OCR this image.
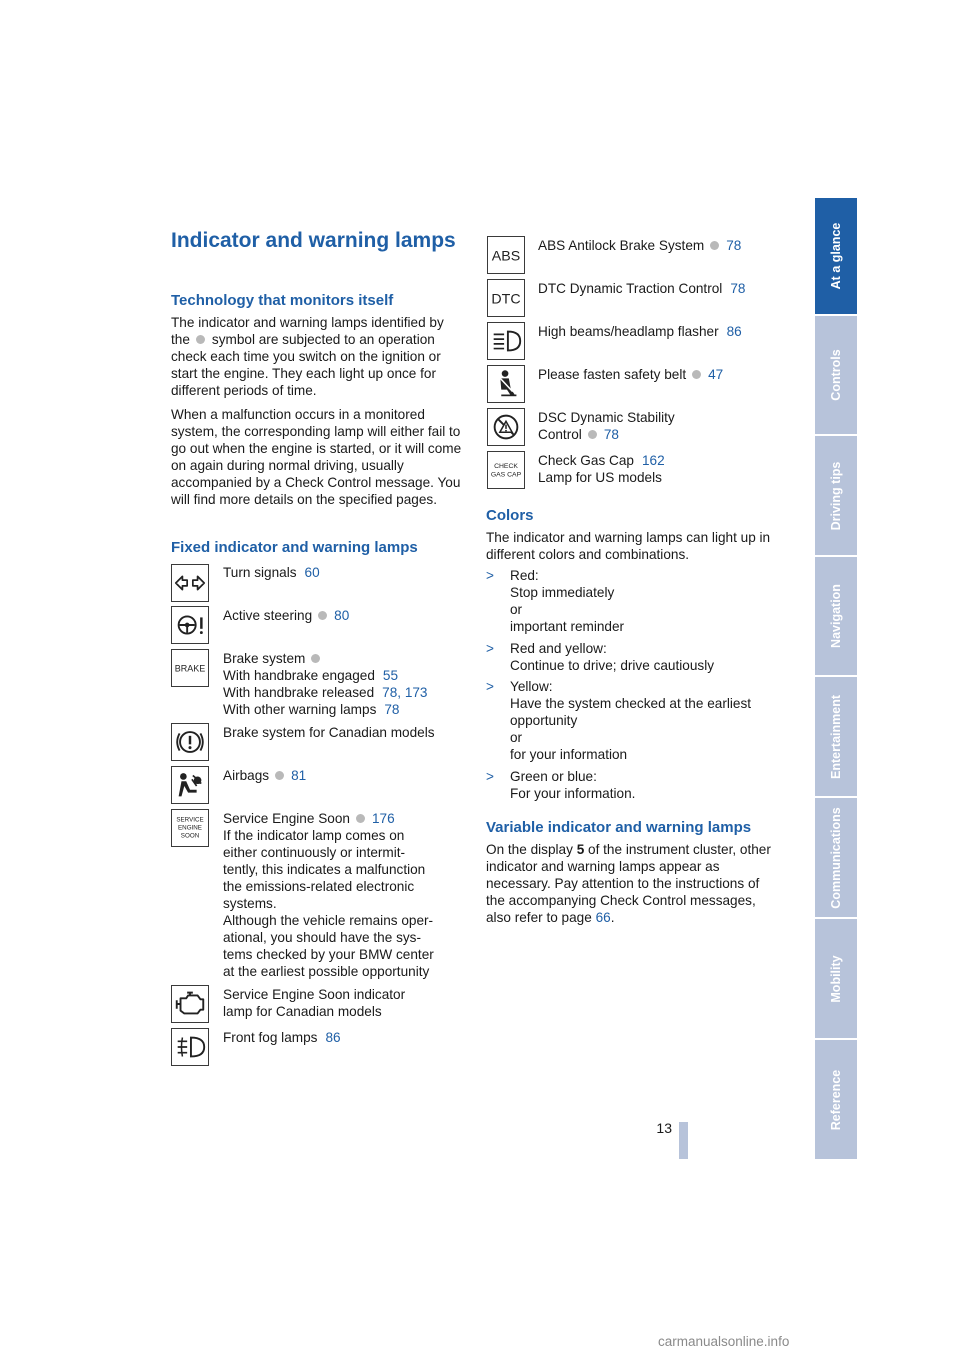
Indicator and warning lamps
Technology that monitors itself

The indicator and warning lamps identified by the symbol are subjected to an operation check each time you switch on the ignition or start the engine. They each light up once for different periods of time.

When a malfunction occurs in a monitored system, the corresponding lamp will either fail to go out when the engine is started, or it will come on again during normal driving, usually accompanied by a Check Control message. You will find more details on the specified pages.

Fixed indicator and warning lamps
BRAKE
SERVICE
ENGINE
SOON
Turn signals 60
Active steering 80
Brake system
With handbrake engaged 55
With handbrake released 78, 173
With other warning lamps 78
Brake system for Canadian models
Airbags 81
Service Engine Soon 176
If the indicator lamp comes on
either continuously or intermit-
tently, this indicates a malfunction
the emissions-related electronic
systems.
Although the vehicle remains oper-
ational, you should have the sys-
tems checked by your BMW center
at the earliest possible opportunity
Service Engine Soon indicator
lamp for Canadian models
Front fog lamps 86
ABS
DTC
CHECK
GAS CAP
ABS Antilock Brake System 78
DTC Dynamic Traction Control 78
High beams/headlamp flasher 86
Please fasten safety belt 47
DSC Dynamic Stability
Control 78
Check Gas Cap 162
Lamp for US models
Colors
The indicator and warning lamps can light up in different colors and combinations.
> Red:
Stop immediately
or
important reminder
> Red and yellow:
Continue to drive; drive cautiously
> Yellow:
Have the system checked at the earliest
opportunity
or
for your information
> Green or blue:
For your information.
Variable indicator and warning lamps
On the display 5 of the instrument cluster, other indicator and warning lamps appear as necessary. Pay attention to the instructions of the accompanying Check Control messages, also refer to page 66.
At a glance
Controls
Driving tips
Navigation
Entertainment
Communications
Mobility
Reference
13
carmanualsonline.info
